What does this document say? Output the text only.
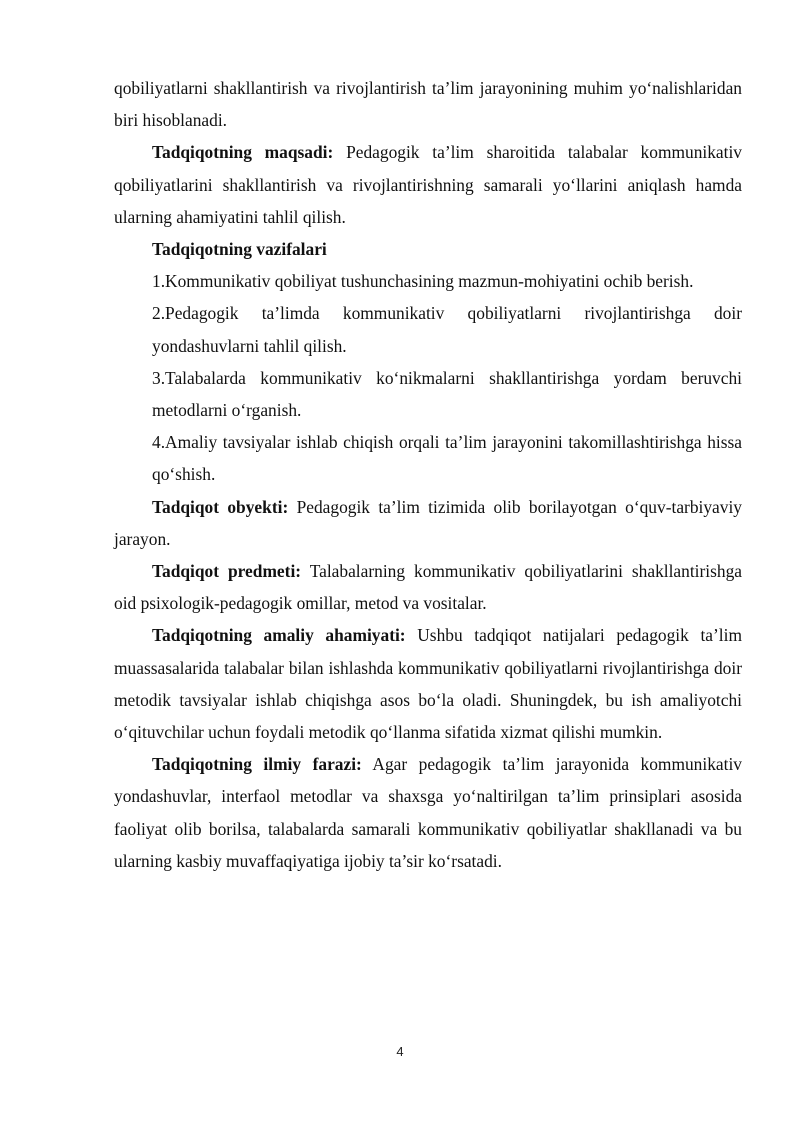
qobiliyatlarni shakllantirish va rivojlantirish ta’lim jarayonining muhim yo‘nalishlaridan biri hisoblanadi.

Tadqiqotning maqsadi: Pedagogik ta’lim sharoitida talabalar kommunikativ qobiliyatlarini shakllantirish va rivojlantirishning samarali yo‘llarini aniqlash hamda ularning ahamiyatini tahlil qilish.

Tadqiqotning vazifalari

1.Kommunikativ qobiliyat tushunchasining mazmun-mohiyatini ochib berish.

2.Pedagogik ta’limda kommunikativ qobiliyatlarni rivojlantirishga doir yondashuvlarni tahlil qilish.

3.Talabalarda kommunikativ ko‘nikmalarni shakllantirishga yordam beruvchi metodlarni o‘rganish.

4.Amaliy tavsiyalar ishlab chiqish orqali ta’lim jarayonini takomillashtirishga hissa qo‘shish.

Tadqiqot obyekti: Pedagogik ta’lim tizimida olib borilayotgan o‘quv-tarbiyaviy jarayon.

Tadqiqot predmeti: Talabalarning kommunikativ qobiliyatlarini shakllantirishga oid psixologik-pedagogik omillar, metod va vositalar.

Tadqiqotning amaliy ahamiyati: Ushbu tadqiqot natijalari pedagogik ta’lim muassasalarida talabalar bilan ishlashda kommunikativ qobiliyatlarni rivojlantirishga doir metodik tavsiyalar ishlab chiqishga asos bo‘la oladi. Shuningdek, bu ish amaliyotchi o‘qituvchilar uchun foydali metodik qo‘llanma sifatida xizmat qilishi mumkin.

Tadqiqotning ilmiy farazi: Agar pedagogik ta’lim jarayonida kommunikativ yondashuvlar, interfaol metodlar va shaxsga yo‘naltirilgan ta’lim prinsiplari asosida faoliyat olib borilsa, talabalarda samarali kommunikativ qobiliyatlar shakllanadi va bu ularning kasbiy muvaffaqiyatiga ijobiy ta’sir ko‘rsatadi.

4
